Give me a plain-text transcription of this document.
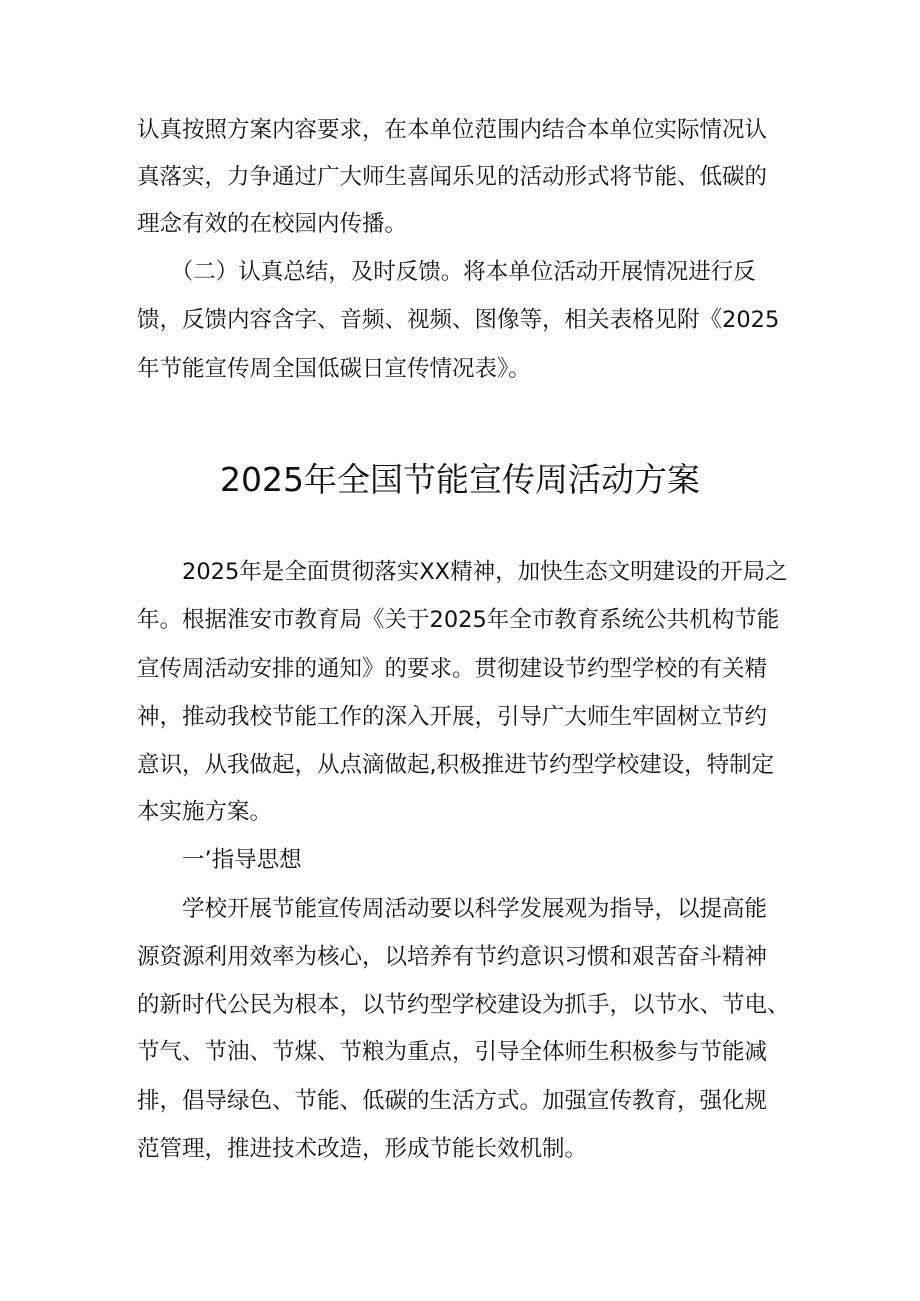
认真按照方案内容要求，在本单位范围内结合本单位实际情况认
真落实，力争通过广大师生喜闻乐见的活动形式将节能、低碳的
理念有效的在校园内传播。
　　（二）认真总结，及时反馈。将本单位活动开展情况进行反
馈，反馈内容含字、音频、视频、图像等，相关表格见附《2025
年节能宣传周全国低碳日宣传情况表》。
2025年全国节能宣传周活动方案
　　2025年是全面贯彻落实XX精神，加快生态文明建设的开局之
年。根据淮安市教育局《关于2025年全市教育系统公共机构节能
宣传周活动安排的通知》的要求。贯彻建设节约型学校的有关精
神，推动我校节能工作的深入开展，引导广大师生牢固树立节约
意识，从我做起，从点滴做起,积极推进节约型学校建设，特制定
本实施方案。
　　一’指导思想
　　学校开展节能宣传周活动要以科学发展观为指导，以提高能
源资源利用效率为核心，以培养有节约意识习惯和艰苦奋斗精神
的新时代公民为根本，以节约型学校建设为抓手，以节水、节电、
节气、节油、节煤、节粮为重点，引导全体师生积极参与节能减
排，倡导绿色、节能、低碳的生活方式。加强宣传教育，强化规
范管理，推进技术改造，形成节能长效机制。
